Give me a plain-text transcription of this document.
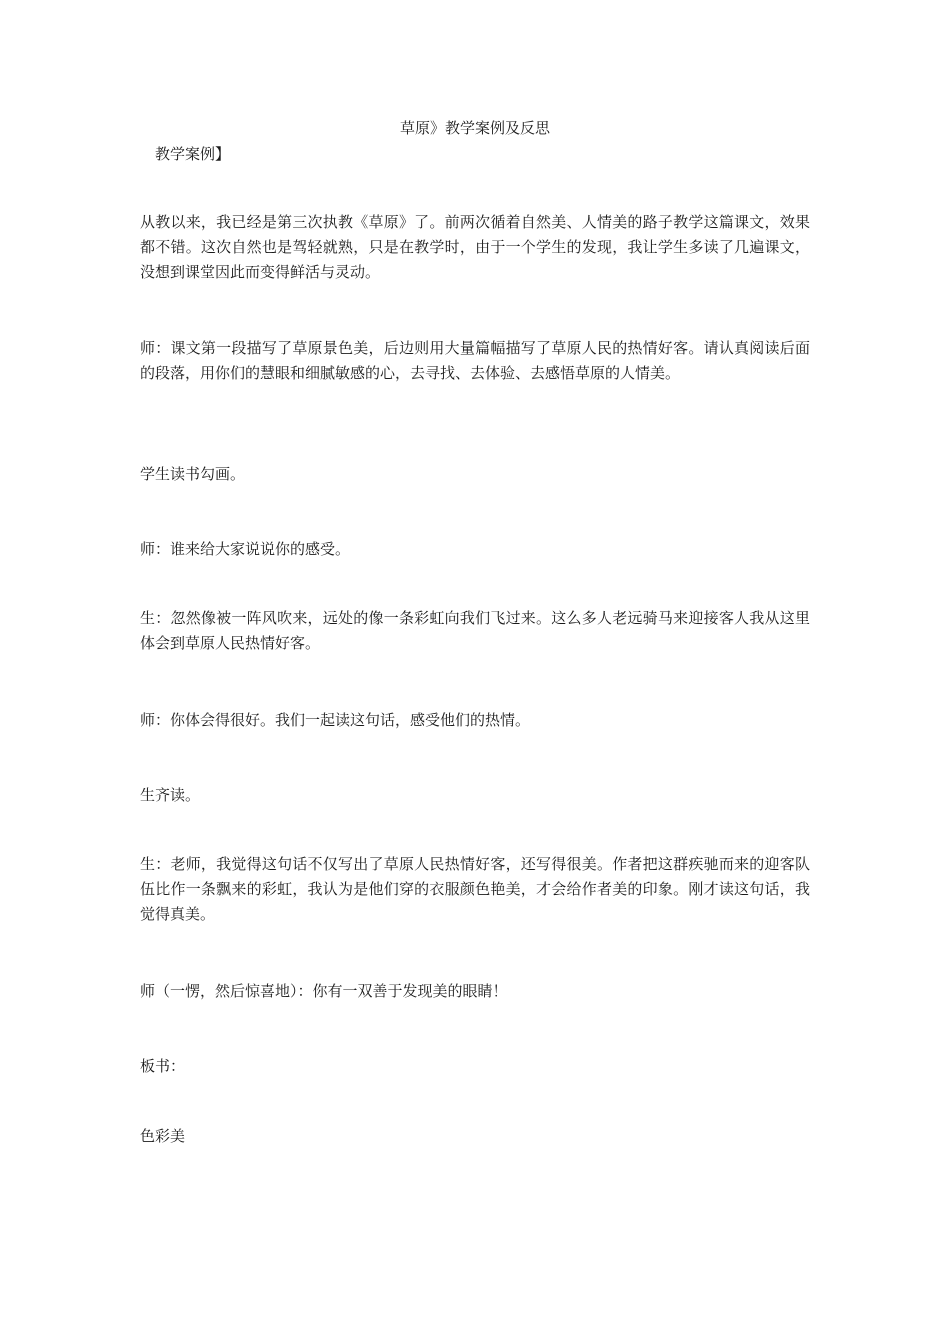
草原》教学案例及反思
教学案例】

从教以来，我已经是第三次执教《草原》了。前两次循着自然美、人情美的路子教学这篇课文，效果都不错。这次自然也是驾轻就熟，只是在教学时，由于一个学生的发现，我让学生多读了几遍课文，没想到课堂因此而变得鲜活与灵动。

师：课文第一段描写了草原景色美，后边则用大量篇幅描写了草原人民的热情好客。请认真阅读后面的段落，用你们的慧眼和细腻敏感的心，去寻找、去体验、去感悟草原的人情美。

学生读书勾画。

师：谁来给大家说说你的感受。

生：忽然像被一阵风吹来，远处的像一条彩虹向我们飞过来。这么多人老远骑马来迎接客人我从这里体会到草原人民热情好客。

师：你体会得很好。我们一起读这句话，感受他们的热情。

生齐读。

生：老师，我觉得这句话不仅写出了草原人民热情好客，还写得很美。作者把这群疾驰而来的迎客队伍比作一条飘来的彩虹，我认为是他们穿的衣服颜色艳美，才会给作者美的印象。刚才读这句话，我觉得真美。

师（一愣，然后惊喜地）：你有一双善于发现美的眼睛！

板书：

色彩美
